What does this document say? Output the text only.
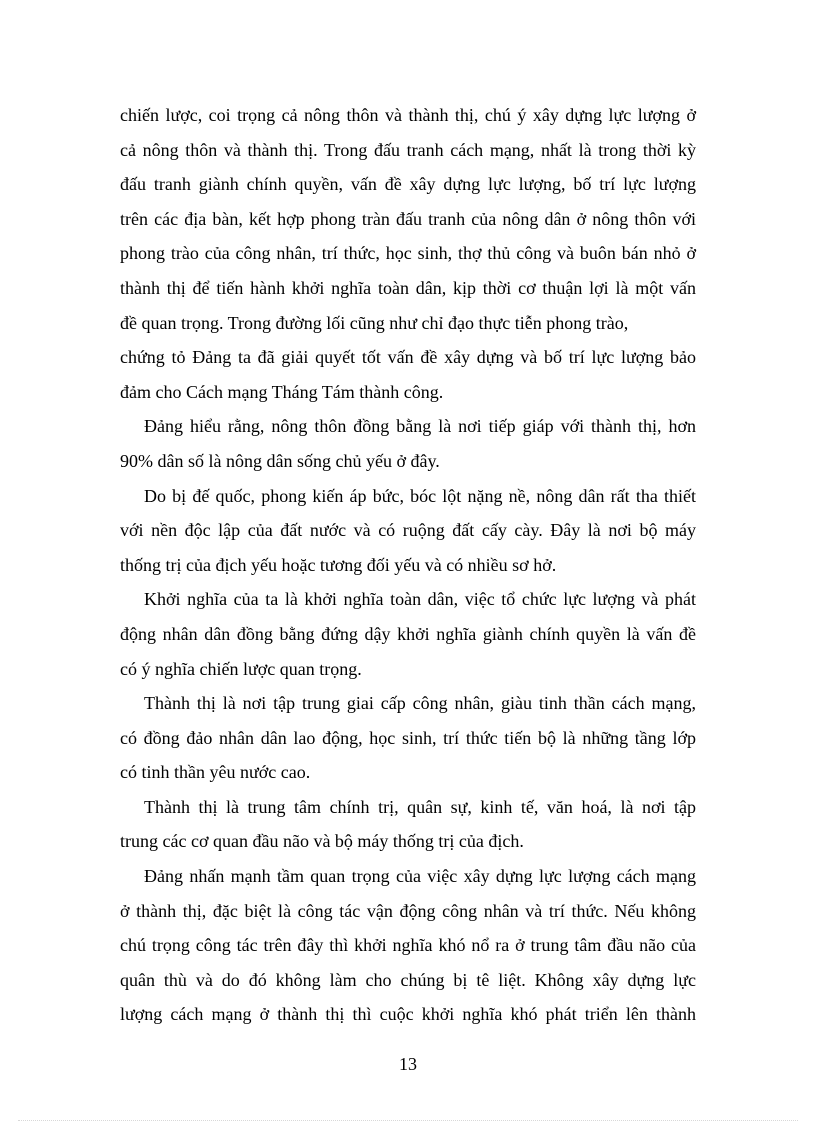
chiến lược, coi trọng cả nông thôn và thành thị, chú ý xây dựng lực lượng ở
cả nông thôn và thành thị. Trong đấu tranh cách mạng, nhất là trong thời kỳ
đấu tranh giành chính quyền, vấn đề xây dựng lực lượng, bố trí lực lượng
trên các địa bàn, kết hợp phong tràn đấu tranh của nông dân ở nông thôn với
phong trào của công nhân, trí thức, học sinh, thợ thủ công và buôn bán nhỏ ở
thành thị để tiến hành khởi nghĩa toàn dân, kịp thời cơ thuận lợi là một vấn
đề quan trọng. Trong đường lối cũng như chỉ đạo thực tiễn phong trào,
chứng tỏ Đảng ta đã giải quyết tốt vấn đề xây dựng và bố trí lực lượng bảo
đảm cho Cách mạng Tháng Tám thành công.
Đảng hiểu rằng, nông thôn đồng bằng là nơi tiếp giáp với thành thị, hơn
90% dân số là nông dân sống chủ yếu ở đây.
Do bị đế quốc, phong kiến áp bức, bóc lột nặng nề, nông dân rất tha thiết
với nền độc lập của đất nước và có ruộng đất cấy cày. Đây là nơi bộ máy
thống trị của địch yếu hoặc tương đối yếu và có nhiều sơ hở.
Khởi nghĩa của ta là khởi nghĩa toàn dân, việc tổ chức lực lượng và phát
động nhân dân đồng bằng đứng dậy khởi nghĩa giành chính quyền là vấn đề
có ý nghĩa chiến lược quan trọng.
Thành thị là nơi tập trung giai cấp công nhân, giàu tinh thần cách mạng,
có đồng đảo nhân dân lao động, học sinh, trí thức tiến bộ là những tầng lớp
có tinh thần yêu nước cao.
Thành thị là trung tâm chính trị, quân sự, kinh tế, văn hoá, là nơi tập
trung các cơ quan đầu não và bộ máy thống trị của địch.
Đảng nhấn mạnh tầm quan trọng của việc xây dựng lực lượng cách mạng
ở thành thị, đặc biệt là công tác vận động công nhân và trí thức. Nếu không
chú trọng công tác trên đây thì khởi nghĩa khó nổ ra ở trung tâm đầu não của
quân thù và do đó không làm cho chúng bị tê liệt. Không xây dựng lực
lượng cách mạng ở thành thị thì cuộc khởi nghĩa khó phát triển lên thành
13
